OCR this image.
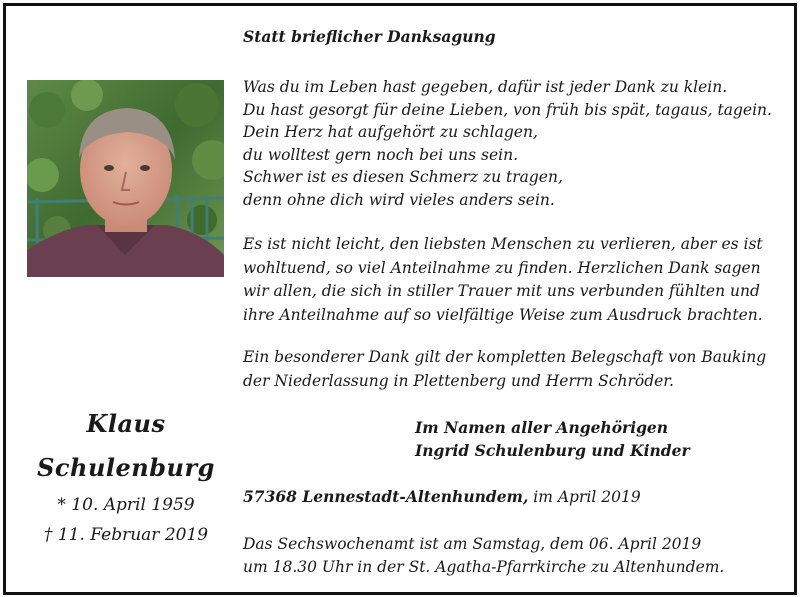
Klaus
Schulenburg
* 10. April 1959
† 11. Februar 2019
Statt brieflicher Danksagung
Was du im Leben hast gegeben, dafür ist jeder Dank zu klein.
Du hast gesorgt für deine Lieben, von früh bis spät, tagaus, tagein.
Dein Herz hat aufgehört zu schlagen,
du wolltest gern noch bei uns sein.
Schwer ist es diesen Schmerz zu tragen,
denn ohne dich wird vieles anders sein.
Es ist nicht leicht, den liebsten Menschen zu verlieren, aber es ist
wohltuend, so viel Anteilnahme zu finden. Herzlichen Dank sagen
wir allen, die sich in stiller Trauer mit uns verbunden fühlten und
ihre Anteilnahme auf so vielfältige Weise zum Ausdruck brachten.
Ein besonderer Dank gilt der kompletten Belegschaft von Bauking
der Niederlassung in Plettenberg und Herrn Schröder.
Im Namen aller Angehörigen
Ingrid Schulenburg und Kinder
57368 Lennestadt-Altenhundem, im April 2019
Das Sechswochenamt ist am Samstag, dem 06. April 2019
um 18.30 Uhr in der St. Agatha-Pfarrkirche zu Altenhundem.
